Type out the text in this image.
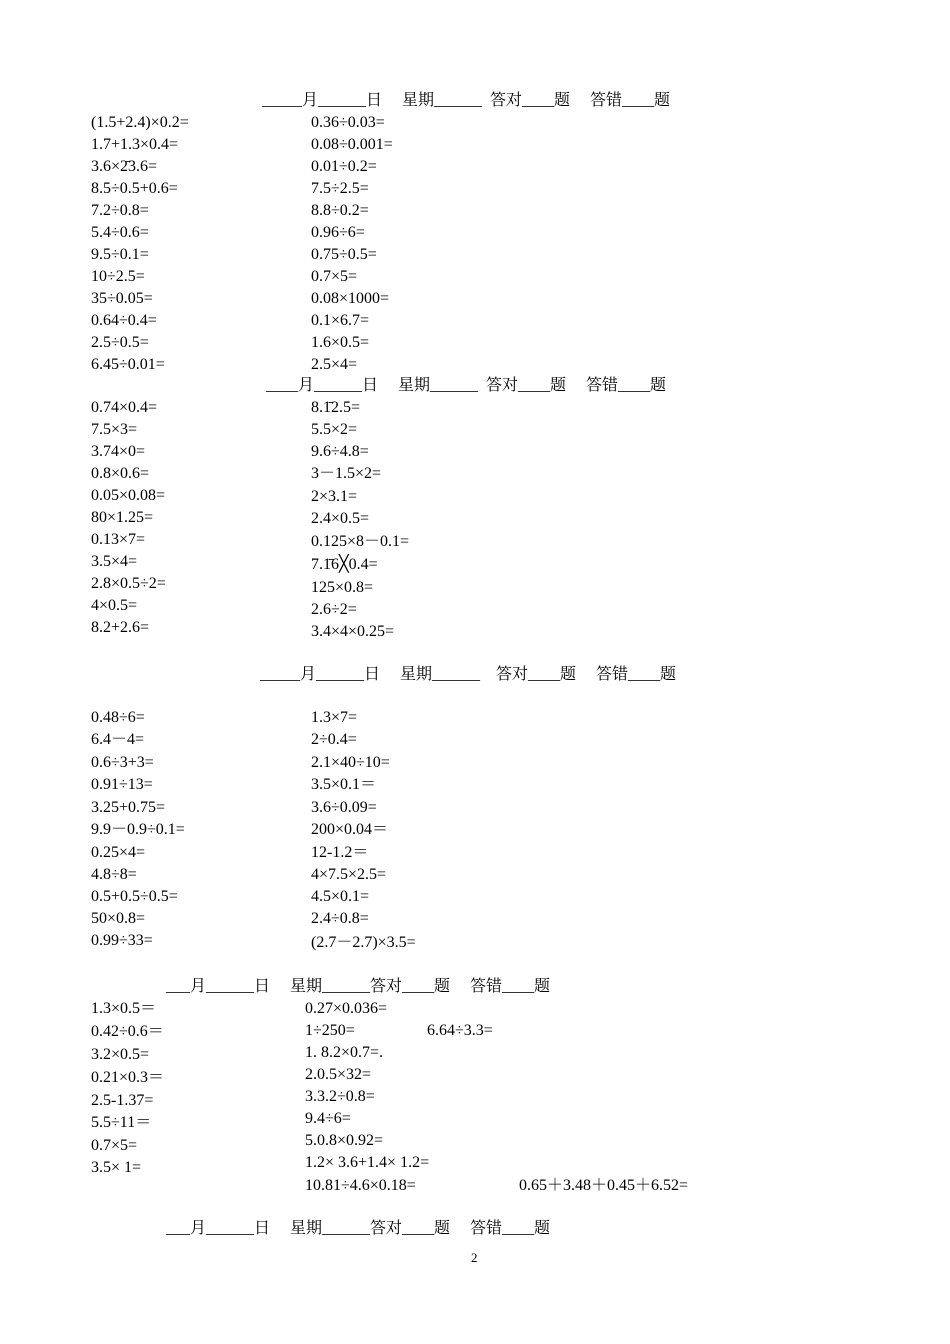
_____月______日     星期______  答对____题     答错____题
(1.5+2.4)×0.2=
1.7+1.3×0.4=
3.6×2̄3.6=
8.5÷0.5+0.6=
7.2÷0.8=
5.4÷0.6=
9.5÷0.1=
10÷2.5=
35÷0.05=
0.64÷0.4=
2.5÷0.5=
6.45÷0.01=
0.36÷0.03=
0.08÷0.001=
0.01÷0.2=
7.5÷2.5=
8.8÷0.2=
0.96÷6=
0.75÷0.5=
0.7×5=
0.08×1000=
0.1×6.7=
1.6×0.5=
2.5×4=
____月______日     星期______  答对____题     答错____题
0.74×0.4=
7.5×3=
3.74×0=
0.8×0.6=
0.05×0.08=
80×1.25=
0.13×7=
3.5×4=
2.8×0.5÷2=
4×0.5=
8.2+2.6=
8.1̄2.5=
5.5×2=
9.6÷4.8=
3－1.5×2=
2×3.1=
2.4×0.5=
0.125×8－0.1=
7.1̄6╳0.4=
125×0.8=
2.6÷2=
3.4×4×0.25=
_____月______日     星期______    答对____题     答错____题
0.48÷6=
6.4－4=
0.6÷3+3=
0.91÷13=
3.25+0.75=
9.9－0.9÷0.1=
0.25×4=
4.8÷8=
0.5+0.5÷0.5=
50×0.8=
0.99÷33=
1.3×7=
2÷0.4=
2.1×40÷10=
3.5×0.1＝
3.6÷0.09=
200×0.04＝
12-1.2＝
4×7.5×2.5=
4.5×0.1=
2.4÷0.8=
(2.7－2.7)×3.5=
___月______日     星期______答对____题     答错____题
1.3×0.5＝
0.42÷0.6＝
3.2×0.5=
0.21×0.3＝
2.5-1.37=
5.5÷11＝
0.7×5=
3.5× 1=
0.27×0.036=
1÷250=
1. 8.2×0.7=.
2.0.5×32=
3.3.2÷0.8=
9.4÷6=
5.0.8×0.92=
1.2× 3.6+1.4× 1.2=
10.81÷4.6×0.18=
6.64÷3.3=
0.65＋3.48＋0.45＋6.52=
___月______日     星期______答对____题     答错____题
2
